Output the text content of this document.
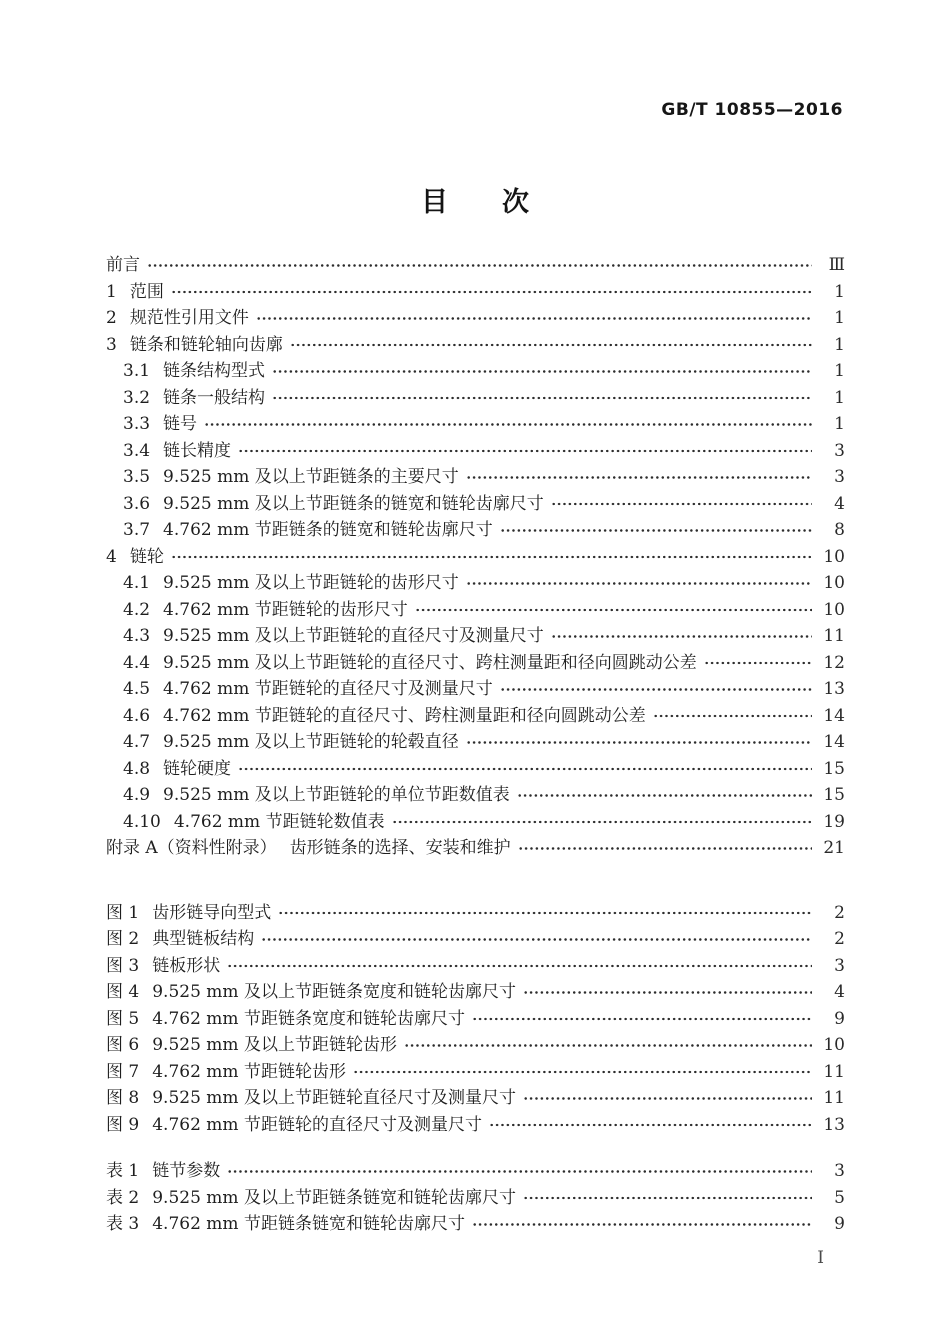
GB/T 10855—2016
目　　次
前言	Ⅲ
1 范围	1
2 规范性引用文件	1
3 链条和链轮轴向齿廓	1
3.1 链条结构型式	1
3.2 链条一般结构	1
3.3 链号	1
3.4 链长精度	3
3.5 9.525 mm 及以上节距链条的主要尺寸	3
3.6 9.525 mm 及以上节距链条的链宽和链轮齿廓尺寸	4
3.7 4.762 mm 节距链条的链宽和链轮齿廓尺寸	8
4 链轮	10
4.1 9.525 mm 及以上节距链轮的齿形尺寸	10
4.2 4.762 mm 节距链轮的齿形尺寸	10
4.3 9.525 mm 及以上节距链轮的直径尺寸及测量尺寸	11
4.4 9.525 mm 及以上节距链轮的直径尺寸、跨柱测量距和径向圆跳动公差	12
4.5 4.762 mm 节距链轮的直径尺寸及测量尺寸	13
4.6 4.762 mm 节距链轮的直径尺寸、跨柱测量距和径向圆跳动公差	14
4.7 9.525 mm 及以上节距链轮的轮毂直径	14
4.8 链轮硬度	15
4.9 9.525 mm 及以上节距链轮的单位节距数值表	15
4.10 4.762 mm 节距链轮数值表	19
附录 A（资料性附录） 齿形链条的选择、安装和维护	21
图 1 齿形链导向型式	2
图 2 典型链板结构	2
图 3 链板形状	3
图 4 9.525 mm 及以上节距链条宽度和链轮齿廓尺寸	4
图 5 4.762 mm 节距链条宽度和链轮齿廓尺寸	9
图 6 9.525 mm 及以上节距链轮齿形	10
图 7 4.762 mm 节距链轮齿形	11
图 8 9.525 mm 及以上节距链轮直径尺寸及测量尺寸	11
图 9 4.762 mm 节距链轮的直径尺寸及测量尺寸	13
表 1 链节参数	3
表 2 9.525 mm 及以上节距链条链宽和链轮齿廓尺寸	5
表 3 4.762 mm 节距链条链宽和链轮齿廓尺寸	9
Ⅰ
